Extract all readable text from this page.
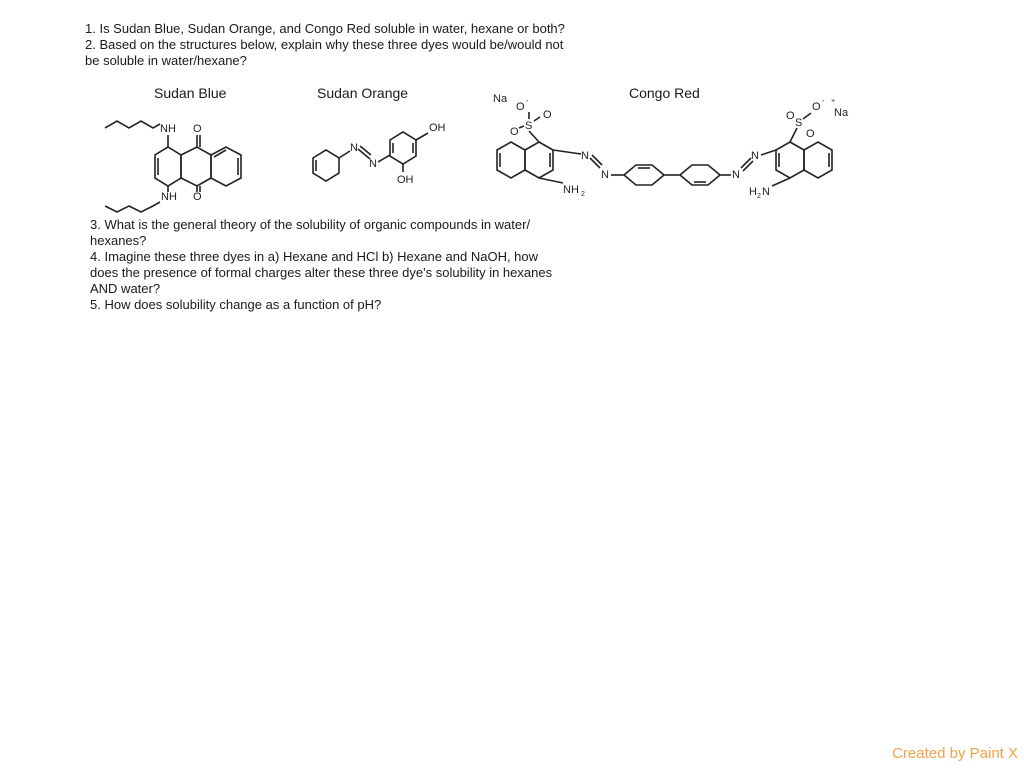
1. Is Sudan Blue, Sudan Orange, and Congo Red soluble in water, hexane or both?
2. Based on the structures below, explain why these three dyes would be/would not
be soluble in water/hexane?
Sudan Blue	Sudan Orange	Congo Red
NH O
NH O
N
N
OH
OH
Na
O -
S
O
O
NH 2
N
N	N
N
H 2 N
S
O
O
O - +
Na
3. What is the general theory of the solubility of organic compounds in water/
hexanes?
4. Imagine these three dyes in a) Hexane and HCl b) Hexane and NaOH, how
does the presence of formal charges alter these three dye's solubility in hexanes
AND water?
5. How does solubility change as a function of pH?
Created by Paint X
